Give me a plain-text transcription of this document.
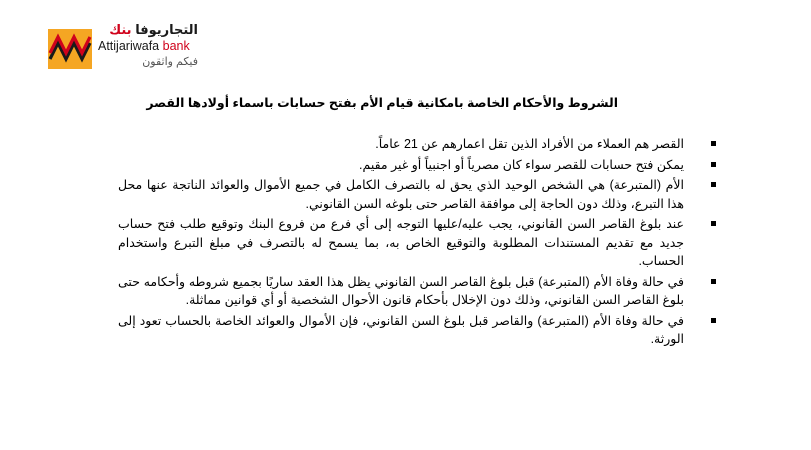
التجاريوفا بنك
Attijariwafa bank
فيكم واثقون
الشروط والأحكام الخاصة بامكانية قيام الأم بفتح حسابات باسماء أولادها القصر
القصر هم العملاء من الأفراد الذين تقل اعمارهم عن 21 عاماً.
يمكن فتح حسابات للقصر سواء كان مصرياً أو اجنبياً أو غير مقيم.
الأم (المتبرعة) هي الشخص الوحيد الذي يحق له بالتصرف الكامل في جميع الأموال والعوائد الناتجة عنها محل هذا التبرع، وذلك دون الحاجة إلى موافقة القاصر حتى بلوغه السن القانوني.
عند بلوغ القاصر السن القانوني، يجب عليه/عليها التوجه إلى أي فرع من فروع البنك وتوقيع طلب فتح حساب جديد مع تقديم المستندات المطلوبة والتوقيع الخاص به، بما يسمح له بالتصرف في مبلغ التبرع واستخدام الحساب.
في حالة وفاة الأم (المتبرعة) قبل بلوغ القاصر السن القانوني يظل هذا العقد ساريًا بجميع شروطه وأحكامه حتى بلوغ القاصر السن القانوني، وذلك دون الإخلال بأحكام قانون الأحوال الشخصية أو أي قوانين مماثلة.
في حالة وفاة الأم (المتبرعة) والقاصر قبل بلوغ السن القانوني، فإن الأموال والعوائد الخاصة بالحساب تعود إلى الورثة.
